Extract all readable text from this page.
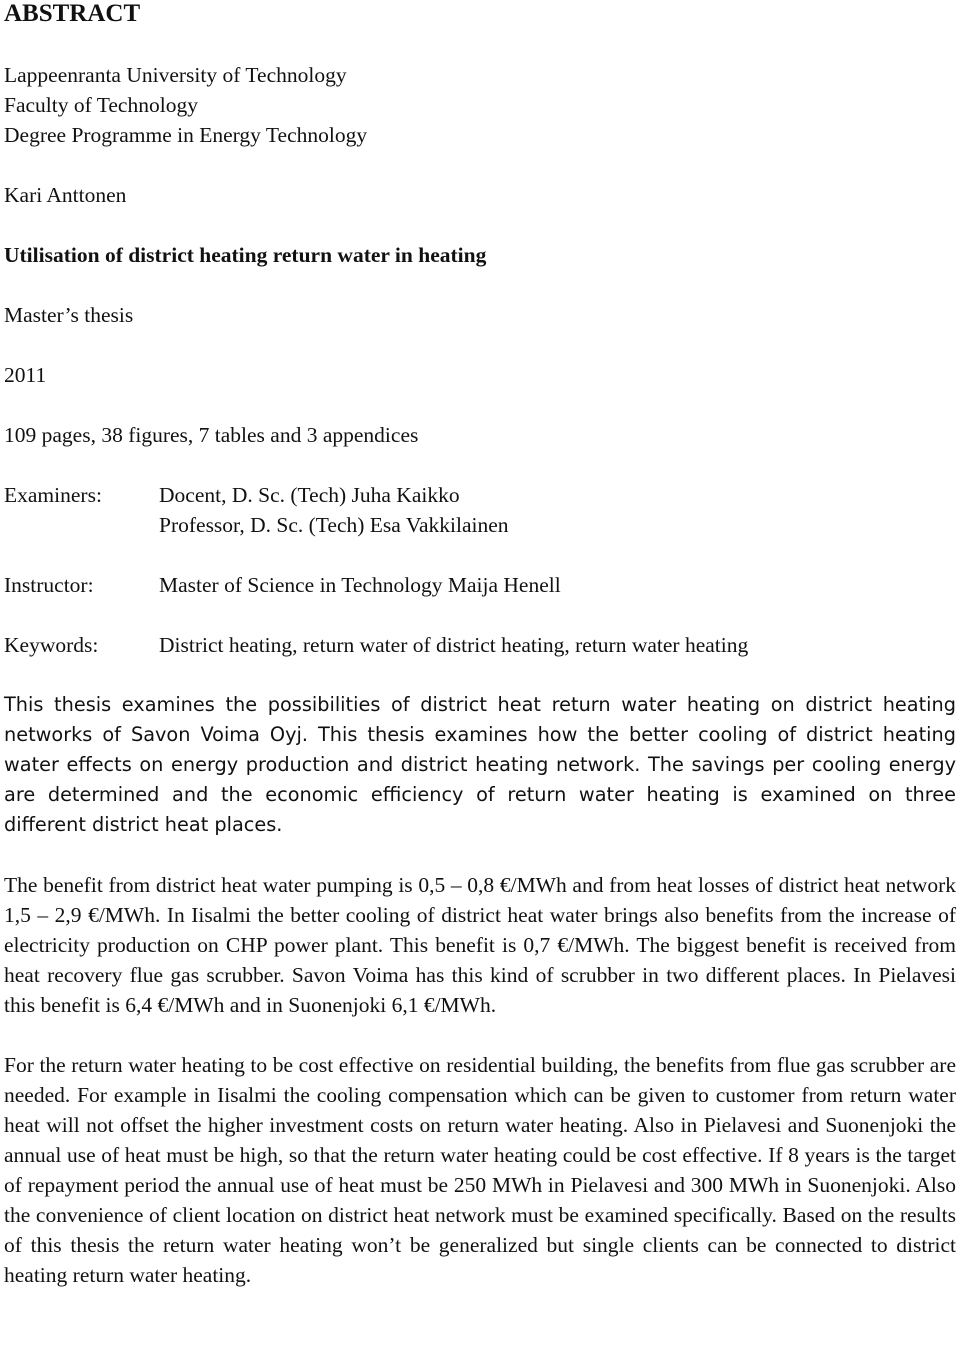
ABSTRACT

Lappeenranta University of Technology

Faculty of Technology

Degree Programme in Energy Technology

Kari Anttonen

Utilisation of district heating return water in heating

Master’s thesis

2011

109 pages, 38 figures, 7 tables and 3 appendices

Examiners:	Docent, D. Sc. (Tech) Juha Kaikko
Professor, D. Sc. (Tech) Esa Vakkilainen
Instructor:	Master of Science in Technology Maija Henell
Keywords:	District heating, return water of district heating, return water heating

This thesis examines the possibilities of district heat return water heating on district heating networks of Savon Voima Oyj. This thesis examines how the better cooling of district heating water effects on energy production and district heating network. The savings per cooling energy are determined and the economic efficiency of return water heating is examined on three different district heat places.

The benefit from district heat water pumping is 0,5 – 0,8 €/MWh and from heat losses of district heat network 1,5 – 2,9 €/MWh. In Iisalmi the better cooling of district heat water brings also benefits from the increase of electricity production on CHP power plant. This benefit is 0,7 €/MWh. The biggest benefit is received from heat recovery flue gas scrubber. Savon Voima has this kind of scrubber in two different places. In Pielavesi this benefit is 6,4 €/MWh and in Suonenjoki 6,1 €/MWh.

For the return water heating to be cost effective on residential building, the benefits from flue gas scrubber are needed. For example in Iisalmi the cooling compensation which can be given to customer from return water heat will not offset the higher investment costs on return water heating. Also in Pielavesi and Suonenjoki the annual use of heat must be high, so that the return water heating could be cost effective. If 8 years is the target of repayment period the annual use of heat must be 250 MWh in Pielavesi and 300 MWh in Suonenjoki. Also the convenience of client location on district heat network must be examined specifically. Based on the results of this thesis the return water heating won’t be generalized but single clients can be connected to district heating return water heating.
